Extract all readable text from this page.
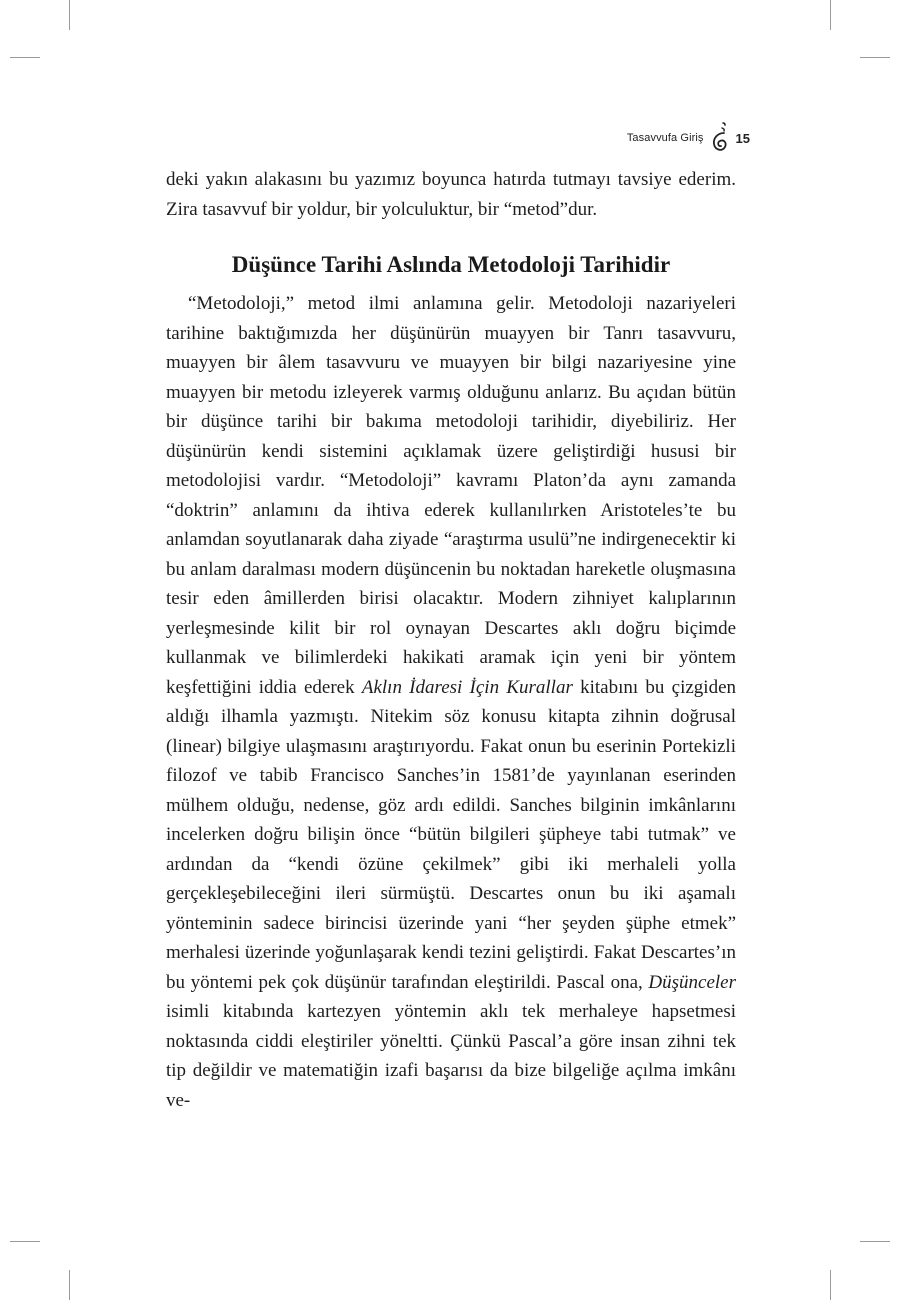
Tasavvufa Giriş 15

deki yakın alakasını bu yazımız boyunca hatırda tutmayı tavsiye ederim. Zira tasavvuf bir yoldur, bir yolculuktur, bir “metod”dur.

Düşünce Tarihi Aslında Metodoloji Tarihidir

“Metodoloji,” metod ilmi anlamına gelir. Metodoloji nazariyeleri tarihine baktığımızda her düşünürün muayyen bir Tanrı tasavvuru, muayyen bir âlem tasavvuru ve muayyen bir bilgi nazariyesine yine muayyen bir metodu izleyerek varmış olduğunu anlarız. Bu açıdan bütün bir düşünce tarihi bir bakıma metodoloji tarihidir, diyebiliriz. Her düşünürün kendi sistemini açıklamak üzere geliştirdiği hususi bir metodolojisi vardır. “Metodoloji” kavramı Platon’da aynı zamanda “doktrin” anlamını da ihtiva ederek kullanılırken Aristoteles’te bu anlamdan soyutlanarak daha ziyade “araştırma usulü”ne indirgenecektir ki bu anlam daralması modern düşüncenin bu noktadan hareketle oluşmasına tesir eden âmillerden birisi olacaktır. Modern zihniyet kalıplarının yerleşmesinde kilit bir rol oynayan Descartes aklı doğru biçimde kullanmak ve bilimlerdeki hakikati aramak için yeni bir yöntem keşfettiğini iddia ederek Aklın İdaresi İçin Kurallar kitabını bu çizgiden aldığı ilhamla yazmıştı. Nitekim söz konusu kitapta zihnin doğrusal (linear) bilgiye ulaşmasını araştırıyordu. Fakat onun bu eserinin Portekizli filozof ve tabib Francisco Sanches’in 1581’de yayınlanan eserinden mülhem olduğu, nedense, göz ardı edildi. Sanches bilginin imkânlarını incelerken doğru bilişin önce “bütün bilgileri şüpheye tabi tutmak” ve ardından da “kendi özüne çekilmek” gibi iki merhaleli yolla gerçekleşebileceğini ileri sürmüştü. Descartes onun bu iki aşamalı yönteminin sadece birincisi üzerinde yani “her şeyden şüphe etmek” merhalesi üzerinde yoğunlaşarak kendi tezini geliştirdi. Fakat Descartes’ın bu yöntemi pek çok düşünür tarafından eleştirildi. Pascal ona, Düşünceler isimli kitabında kartezyen yöntemin aklı tek merhaleye hapsetmesi noktasında ciddi eleştiriler yöneltti. Çünkü Pascal’a göre insan zihni tek tip değildir ve matematiğin izafi başarısı da bize bilgeliğe açılma imkânı ve-
